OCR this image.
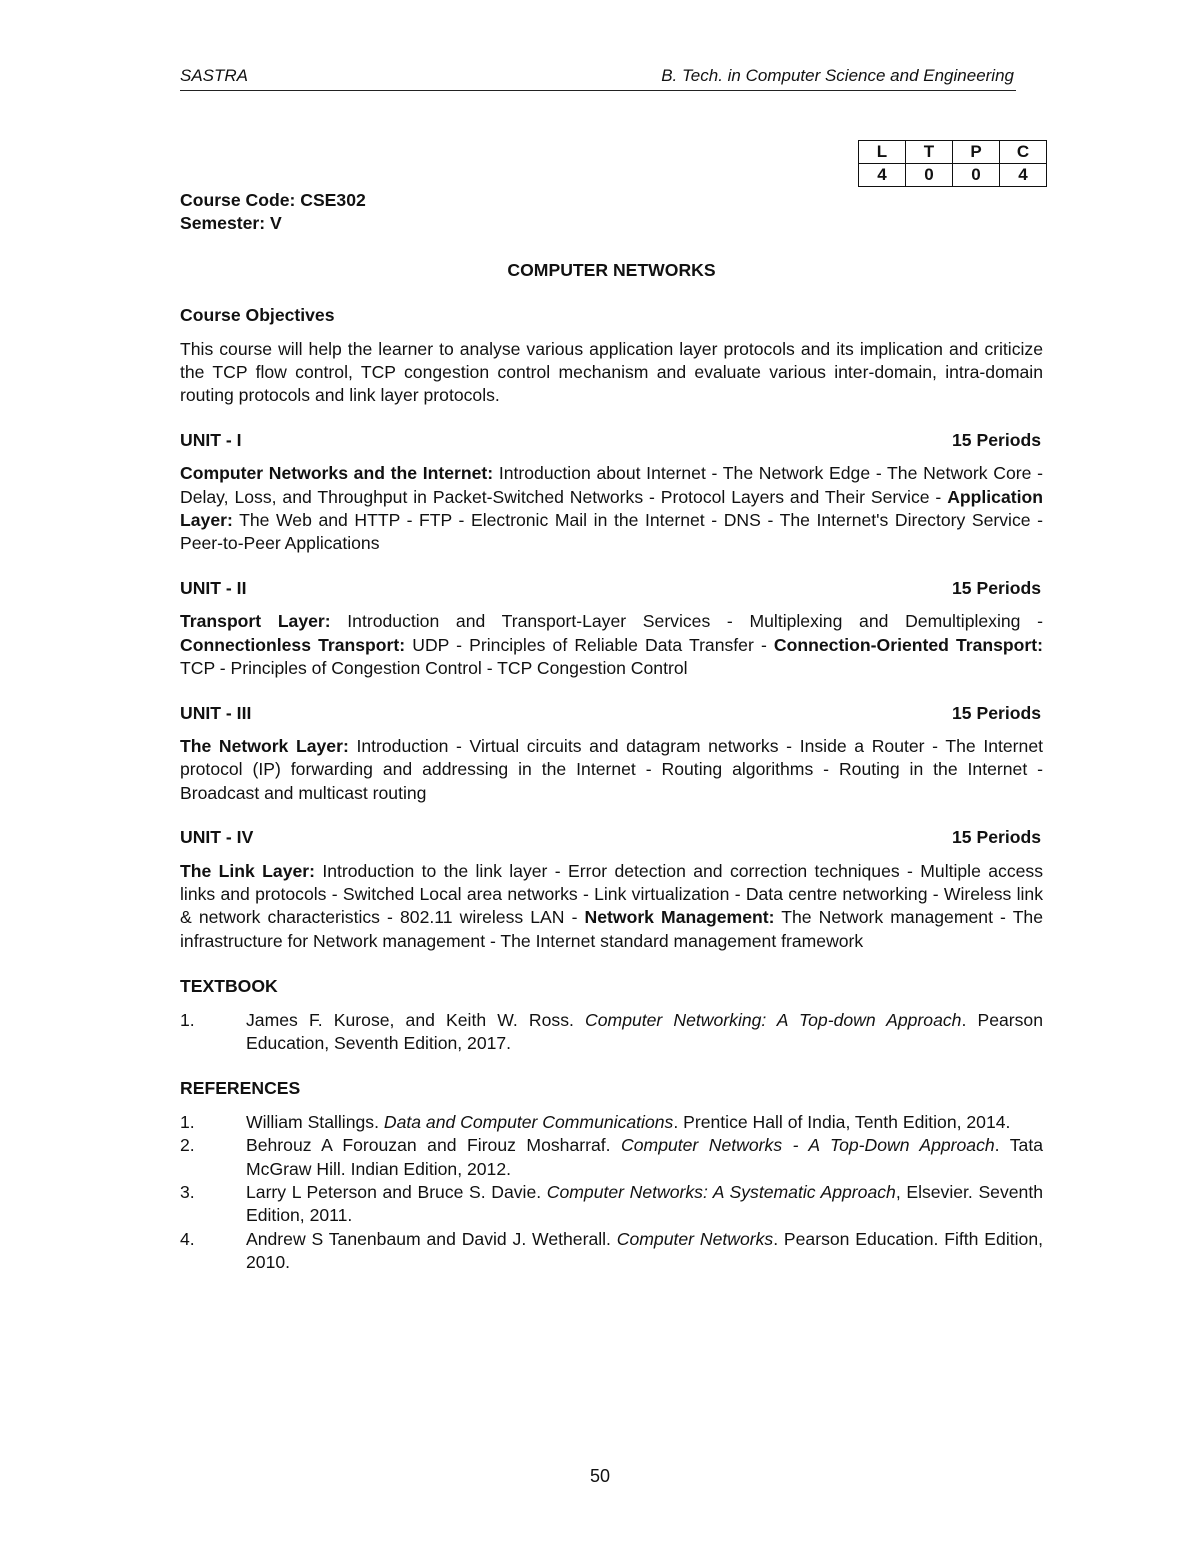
SASTRA	B. Tech. in Computer Science and Engineering
L	T	P	C
4	0	0	4
Course Code: CSE302
Semester: V
COMPUTER NETWORKS
Course Objectives
This course will help the learner to analyse various application layer protocols and its implication and criticize the TCP flow control, TCP congestion control mechanism and evaluate various inter-domain, intra-domain routing protocols and link layer protocols.
UNIT - I	15 Periods
Computer Networks and the Internet: Introduction about Internet - The Network Edge - The Network Core - Delay, Loss, and Throughput in Packet-Switched Networks - Protocol Layers and Their Service - Application Layer: The Web and HTTP - FTP - Electronic Mail in the Internet - DNS - The Internet's Directory Service - Peer-to-Peer Applications
UNIT - II	15 Periods
Transport Layer: Introduction and Transport-Layer Services - Multiplexing and Demultiplexing - Connectionless Transport: UDP - Principles of Reliable Data Transfer - Connection-Oriented Transport: TCP - Principles of Congestion Control - TCP Congestion Control
UNIT - III	15 Periods
The Network Layer: Introduction - Virtual circuits and datagram networks - Inside a Router - The Internet protocol (IP) forwarding and addressing in the Internet - Routing algorithms - Routing in the Internet - Broadcast and multicast routing
UNIT - IV	15 Periods
The Link Layer: Introduction to the link layer - Error detection and correction techniques - Multiple access links and protocols - Switched Local area networks - Link virtualization - Data centre networking - Wireless link & network characteristics - 802.11 wireless LAN - Network Management: The Network management - The infrastructure for Network management - The Internet standard management framework
TEXTBOOK
1.	James F. Kurose, and Keith W. Ross. Computer Networking: A Top-down Approach. Pearson Education, Seventh Edition, 2017.
REFERENCES
1.	William Stallings. Data and Computer Communications. Prentice Hall of India, Tenth Edition, 2014.
2.	Behrouz A Forouzan and Firouz Mosharraf. Computer Networks - A Top-Down Approach. Tata McGraw Hill. Indian Edition, 2012.
3.	Larry L Peterson and Bruce S. Davie. Computer Networks: A Systematic Approach, Elsevier. Seventh Edition, 2011.
4.	Andrew S Tanenbaum and David J. Wetherall. Computer Networks. Pearson Education. Fifth Edition, 2010.
50
